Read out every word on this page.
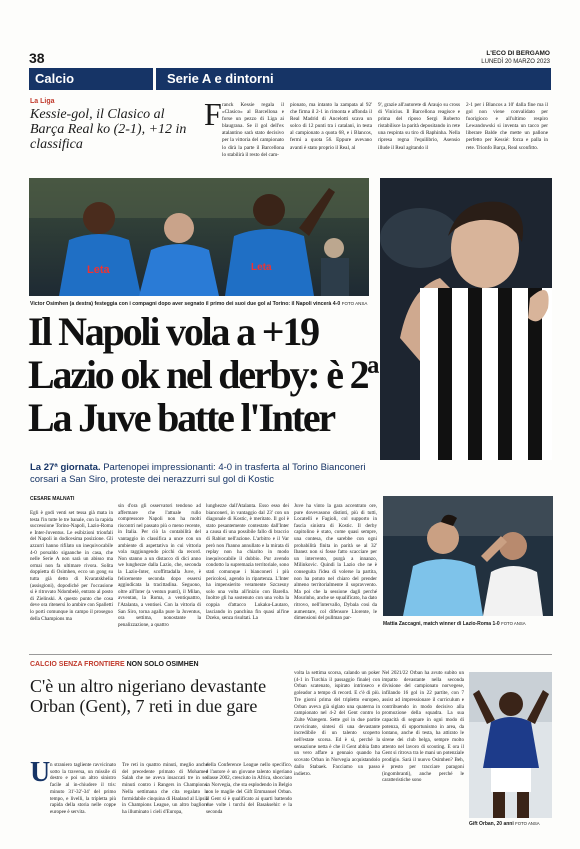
38	L'ECO DI BERGAMO
LUNEDÌ 20 MARZO 2023
Calcio	Serie A e dintorni
La Liga
Kessie-gol, il Clasico al Barça Real ko (2-1), +12 in classifica
F ranck Kessie regala il «Clasico» al Barcellona e forse un pezzo di Liga ai blaugrana. Se il gol dell'ex atalantino sarà stato decisivo per la vittoria del campionato lo dirà la parte il Barcellona lo stabilirà il resto del cam-
pionato, ma intanto la zampata al 92' che firma il 2-1 in rimonta e affonda il Real Madrid di Ancelotti scava un solco di 12 punti tra i catalani, in testa al campionato a quota 68, e i Blancos, fermi a quota 56. Eppure avevano avanti è stato proprio il Real, al
9', grazie all'autorete di Araujo su cross di Vinicius. Il Barcellona reagisce e prima del riposo Sergi Roberto ristabilisce la parità depositando in rete una respinta su tiro di Raphinha. Nella ripresa regna l'equilibrio, Asensio illude il Real agitando il
2-1 per i Blancos a 10' dalla fine ma il gol non viene convalidato per fuorigioco e all'ultimo respiro Lewandowski si inventa un tacco per liberare Balde che mette un pallone perfetto per Kessié: forza e palla in rete. Trionfo Barça, Real sconfitto.
Leta	Leta
Victor Osimhen (a destra) festeggia con i compagni dopo aver segnato il primo dei suoi due gol al Torino: il Napoli vincerà 4-0 FOTO ANSA
Il Napoli vola a +19
Lazio ok nel derby: è 2ª
La Juve batte l'Inter
La 27ª giornata. Partenopei impressionanti: 4-0 in trasferta al Torino Bianconeri corsari a San Siro, proteste dei nerazzurri sul gol di Kostic
CESARE MALNATI
Egli è godi venti set tessa già mata in testa l'in tutte le tre banale, con la rapida successione Torino-Napoli, Lazio-Roma e Inter-Juventus. Le esibizioni trionfali del Napoli in dodicesima posizione. Gli azzurri hanno rifilato un inequivocabile 4-0 porsaldo sigaanche in casa, che nelle Serie A non sarà un abisso ma ormai non fa ultimare rivora. Solita doppietta di Osimhen, ecco un gong su tutta già detto di Kvaratskhelia (assisgioni), dopodiché per l'occasione si è ritrovato Ndombelè, entrato al posto di Zielinski. A questo punto che cosa deve ora ritenersi lo ambire con Spalletti lo porti comunque in campo il proseguo della Champions ma
sin d'ora gli osservatori tendono ad affermare che l'attuale rullo compressore Napoli non ha molti riscontri nel passato più o meno recente, in Italia. Per ciò la contabilità del vantaggio in classifica a unce con un ambiente di aspettativa in cui vittoria vola raggiungendo picchi da record. Non stanno a un distacco di dici anno we lunghezze dalla Lazio, che, seconda la Lazio-Inter, scoffittadalla Juve, è felicemente seconda dopo essersi aggiudicata la tracittadina. Seguono, oltre all'Inter (a ventun punti), il Milan, avventan, la Roma, a ventiquattro, l'Atalanta, a ventisei. Con la vittoria di San Siro, torna agalla pure la Juventus, ora settima, nonostante la penalizzazione, a quattro
lunghezze dall'Atalanta. Esso esso dei bianconeri, in vantaggio dal 23' con un diagonale di Kostic, è meritato. Il gol è stato pesantemente contestato dall'Inter a causa di una possibile fallo di braccio di Rabiot nell'azione. L'arbitro e il Var però non l'hanno annullato e la mirata di replay non ha chiarito in modo inequivocabile il dubbio. Pur avendo condotto la supremazia territoriale, sono stati comunque i bianconeri i più pericolosi, agendo in ripartenza. L'Inter ha impensierito veramente Szczesny solo una volta all'inizio con Barella. Inoltre gli ha sostenuto con una volta la coppia d'attacco Lukaku-Lautaro, lasciando in panchina fin quasi all'ine Dzeko, senza risultati. La
Juve ha vinto la gara accentrato ore, pure dovevasono distinti, più di tutti, Locatelli e Fagioli, col supporto in fascia sinistra di Kostic. Il derby capitolino è stato, come quasi sempre, una contesa, che sarebbe con ogni probabilità finita in parità se al 32' Ibanez non si fosse fatto scacciare per un intervento, purgà a innanzo, Milinkovic. Quindi la Lazio che ne è conseguita l'idea di volerse la partita, non ha potuto nel chiaro del prender almeno territorialmente il sopravvento. Ma poi che la sessione dagli perché Mourinho, anche se squalificato, ha dato ritrovo, nell'intervallo, Dybala cosi da aumentare, col difensore Llorente, le dimensioni del pullman par-
Mattia Zaccagni, match winner di Lazio-Roma 1-0 FOTO ANSA
CALCIO SENZA FRONTIERE NON SOLO OSIMHEN
C'è un altro nigeriano devastante Orban (Gent), 7 reti in due gare
U n straniero tagliente ravvicinato sotto la traversa, un missile di destro e poi un altro sinistro facile al in-chiudere il tris: minuto 31'-32'-34' del primo tempo, e livelli, la tripletta più rapida della storia nelle coppe europee è servita.
Tre reti in quattro minuti, meglio anche del precedente primato di Mohamed Salah che ne aveva insaccati tre in sei minuti contro i Rangers in Champions. Nella settimana che cita regalato la formidabile cinquina di Haaland al Lipsia in Champions League, un altro bagliore ha illuminato i cieli d'Europa,
della Conference League nello specifico, e l'autore è un giovane talento nigeriano classe 2002, cresciuto in Africa, sbocciato in Norvegia, che sta esplodendo in Belgio con le maglie del Gift Emmanuel Orban. Il Gent si è qualificato ai quarti battendo due volte i turchi del Basaksehir: e la seconda
volta la settima scorsa, calando un poker (4-1 in Turchia il passaggio finale) con Orban scatenato, ispirato intrinseco e goleador a tempo di record. E c'è di più. Tre giorni prima del tripletto europeo, Orban aveva già siglato una quaterna in campionato nel 4-2 del Gent contro lo Zulte Waregem. Sette gol in due partite ravvicinate, sintesi di una devastante incredibile di un talento scoperto nell'estate scorsa. Ed è sì, perché la sensazione netta è che il Gent abbia fatto un vero affare a gennaio quando ha scovato Orban in Norvegia acquistandolo dallo Stabaek. Facciamo un passo indietro.
Nel 2021/22 Orban ha avuto subito un impatto devastante nella seconda divisione del campionato norvegese, infilando 16 gol in 22 partite, con 7 assist ad impressionare il curriculum e contribuendo in modo decisivo alla promozione della squadra. La sua capacità di segnare in ogni modo di potenza, di opportunismo in area, da lontano, anche di testa, ha attirato le sirene dei club belga, sempre molto attento nel lavoro di scouting. E ora il Gent si ritrova tra le mani un potenziale prodigio. Sarà il nuovo Osimhen? Beh, è presto per tracciare paragoni (ingombranti), anche perché le caratteristiche sono
Gift Orban, 20 anni FOTO ANSA
